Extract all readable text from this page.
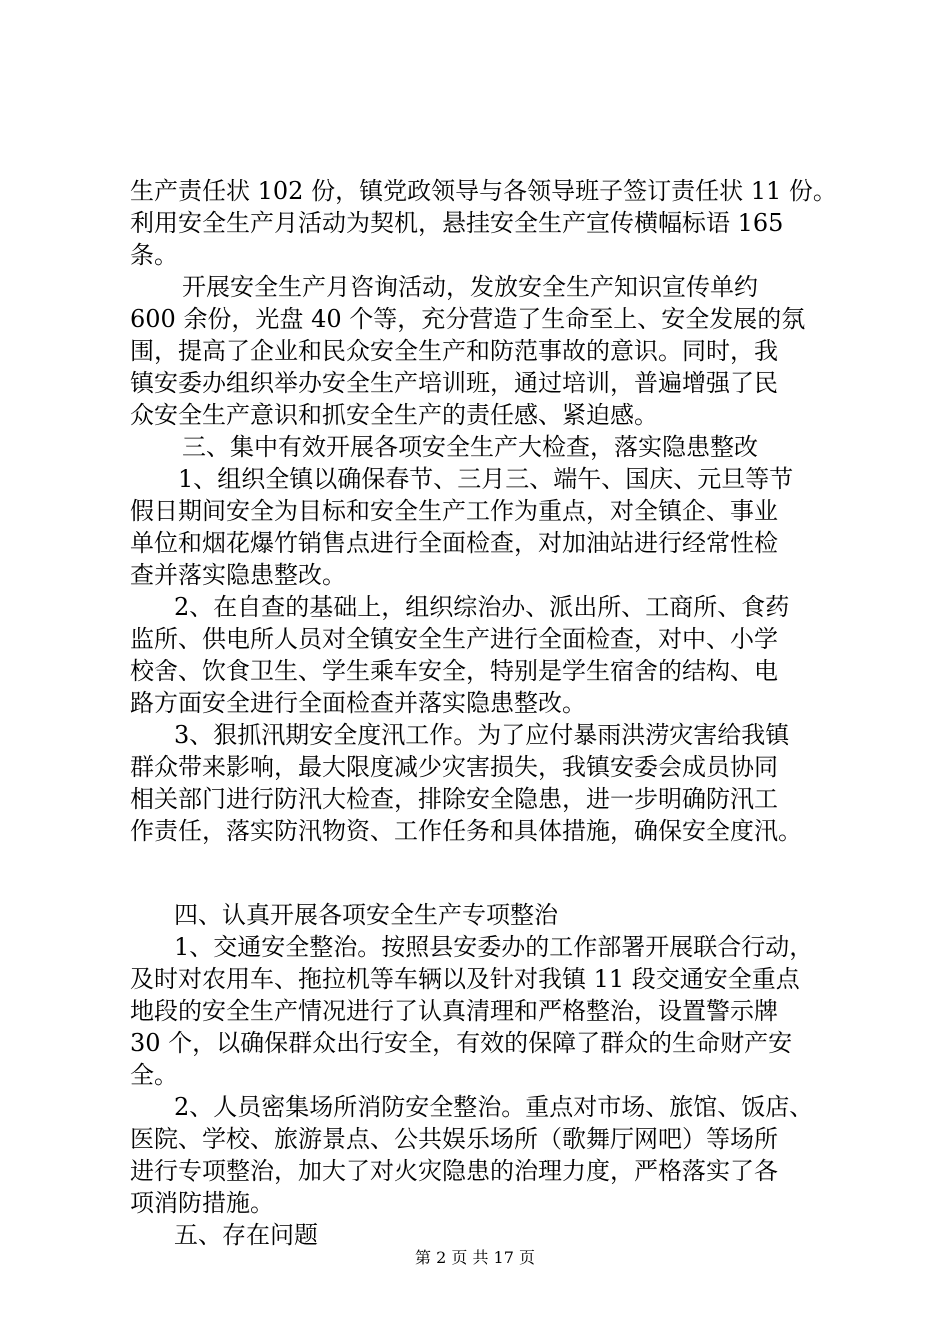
生产责任状 102 份，镇党政领导与各领导班子签订责任状 11 份。
利用安全生产月活动为契机，悬挂安全生产宣传横幅标语 165
条。
开展安全生产月咨询活动，发放安全生产知识宣传单约
600 余份，光盘 40 个等，充分营造了生命至上、安全发展的氛
围，提高了企业和民众安全生产和防范事故的意识。同时，我
镇安委办组织举办安全生产培训班，通过培训，普遍增强了民
众安全生产意识和抓安全生产的责任感、紧迫感。
三、集中有效开展各项安全生产大检查，落实隐患整改
1、组织全镇以确保春节、三月三、端午、国庆、元旦等节
假日期间安全为目标和安全生产工作为重点，对全镇企、事业
单位和烟花爆竹销售点进行全面检查，对加油站进行经常性检
查并落实隐患整改。
2、在自查的基础上，组织综治办、派出所、工商所、食药
监所、供电所人员对全镇安全生产进行全面检查，对中、小学
校舍、饮食卫生、学生乘车安全，特别是学生宿舍的结构、电
路方面安全进行全面检查并落实隐患整改。
3、狠抓汛期安全度汛工作。为了应付暴雨洪涝灾害给我镇
群众带来影响，最大限度减少灾害损失，我镇安委会成员协同
相关部门进行防汛大检查，排除安全隐患，进一步明确防汛工
作责任，落实防汛物资、工作任务和具体措施，确保安全度汛。
四、认真开展各项安全生产专项整治
1、交通安全整治。按照县安委办的工作部署开展联合行动，
及时对农用车、拖拉机等车辆以及针对我镇 11 段交通安全重点
地段的安全生产情况进行了认真清理和严格整治，设置警示牌
30 个，以确保群众出行安全，有效的保障了群众的生命财产安
全。
2、人员密集场所消防安全整治。重点对市场、旅馆、饭店、
医院、学校、旅游景点、公共娱乐场所（歌舞厅网吧）等场所
进行专项整治，加大了对火灾隐患的治理力度，严格落实了各
项消防措施。
五、存在问题
第 2 页 共 17 页
